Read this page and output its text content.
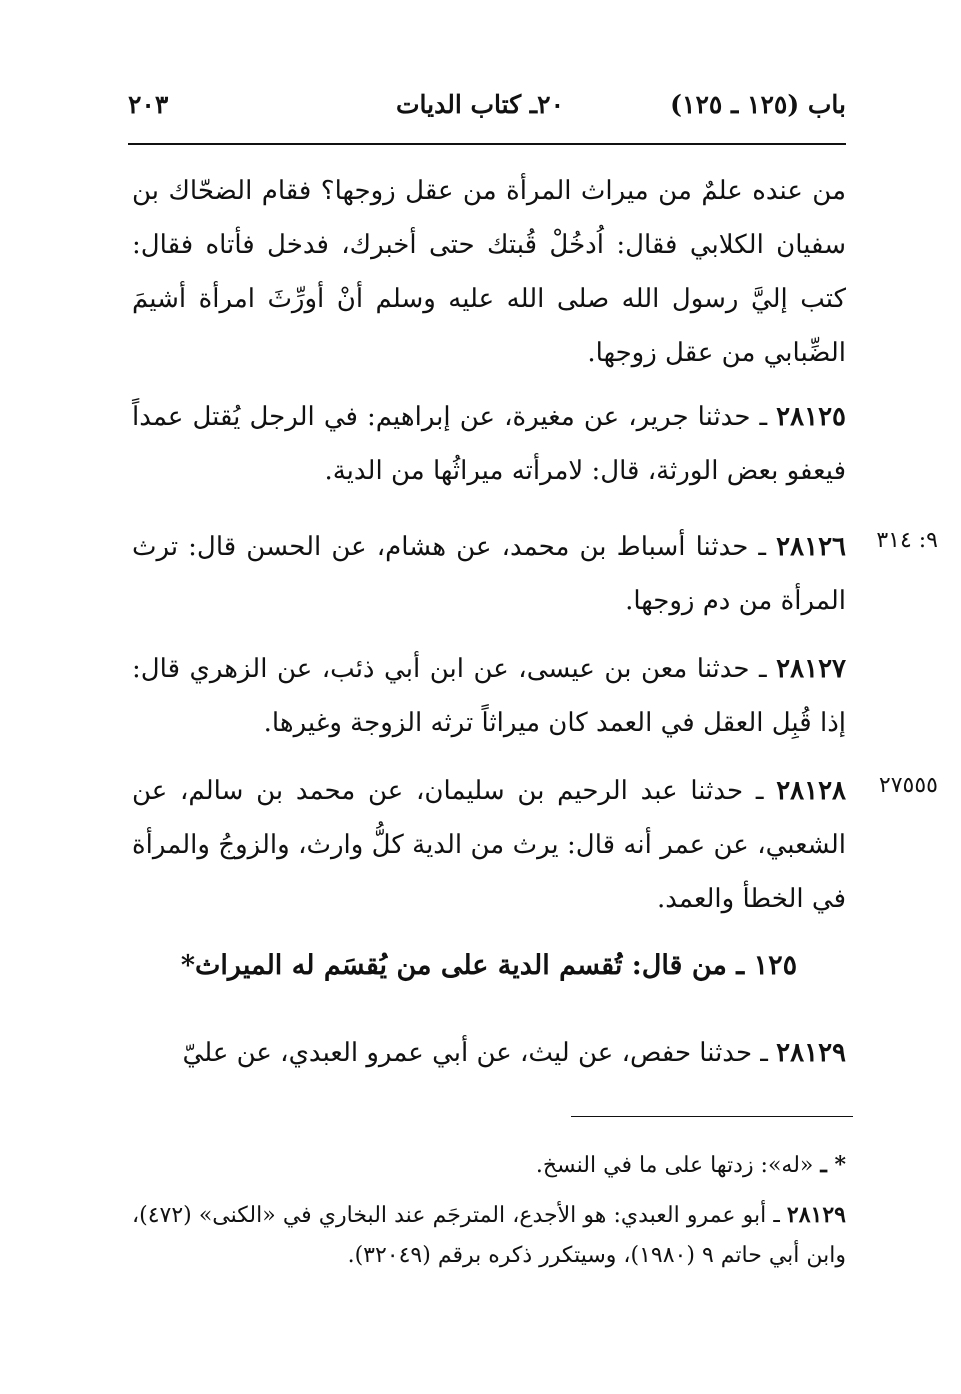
باب (١٢٥ ـ ١٢٥)
٢٠ـ كتاب الديات
٢٠٣
من عنده علمٌ من ميراث المرأة من عقل زوجها؟ فقام الضحّاك بن سفيان الكلابي فقال: اُدخُلْ قُبتك حتى أخبرك، فدخل فأتاه فقال: كتب إليَّ رسول الله صلى الله عليه وسلم أنْ أورِّثَ امرأة أشيمَ الضِّبابي من عقل زوجها.
٢٨١٢٥ ـ حدثنا جرير، عن مغيرة، عن إبراهيم: في الرجل يُقتل عمداً فيعفو بعض الورثة، قال: لامرأته ميراثُها من الدية.
٩: ٣١٤
٢٨١٢٦ ـ حدثنا أسباط بن محمد، عن هشام، عن الحسن قال: ترث المرأة من دم زوجها.
٢٨١٢٧ ـ حدثنا معن بن عيسى، عن ابن أبي ذئب، عن الزهري قال: إذا قُبِل العقل في العمد كان ميراثاً ترثه الزوجة وغيرها.
٢٧٥٥٥
٢٨١٢٨ ـ حدثنا عبد الرحيم بن سليمان، عن محمد بن سالم، عن الشعبي، عن عمر أنه قال: يرث من الدية كلُّ وارث، والزوجُ والمرأة في الخطأ والعمد.
١٢٥ ـ من قال: تُقسم الدية على من يُقسَم له الميراث*
٢٨١٢٩ ـ حدثنا حفص، عن ليث، عن أبي عمرو العبدي، عن عليّ
* ـ «له»: زدتها على ما في النسخ.
٢٨١٢٩ ـ أبو عمرو العبدي: هو الأجدع، المترجَم عند البخاري في «الكنى» (٤٧٢)، وابن أبي حاتم ٩ (١٩٨٠)، وسيتكرر ذكره برقم (٣٢٠٤٩).
